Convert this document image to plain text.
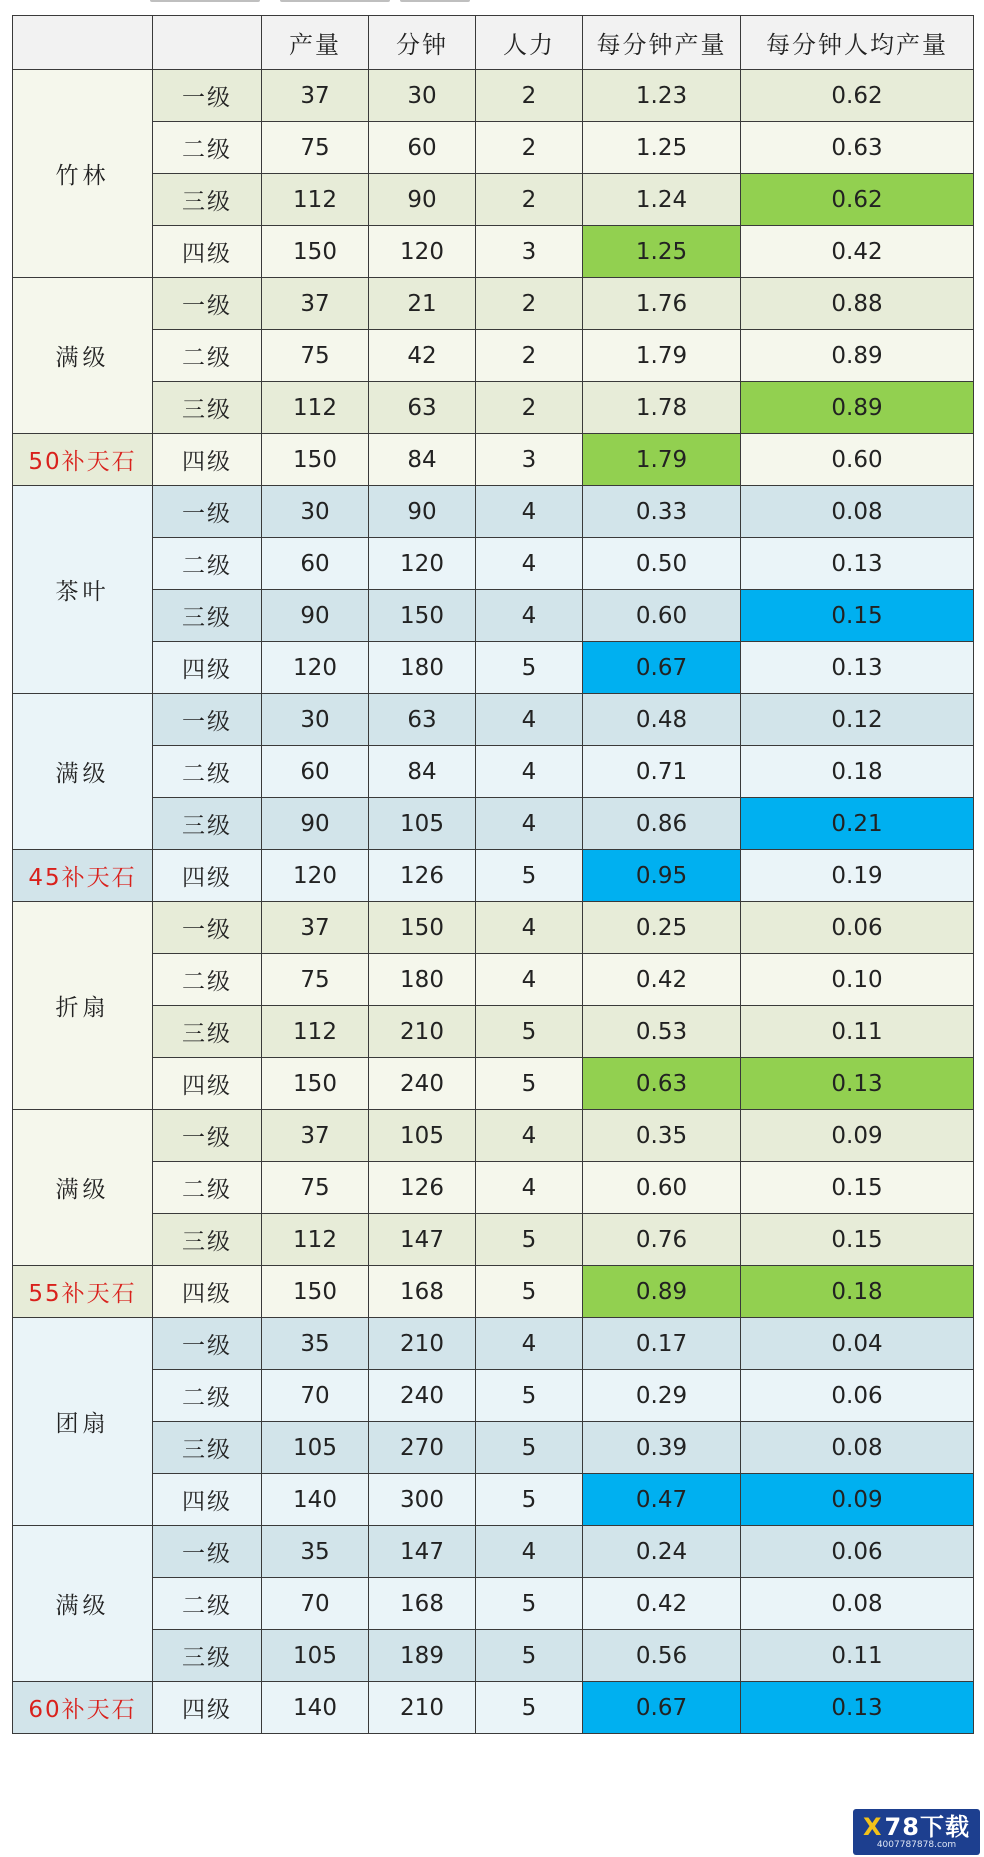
		产量	分钟	人力	每分钟产量	每分钟人均产量
竹林	一级	37	30	2	1.23	0.62
	二级	75	60	2	1.25	0.63
	三级	112	90	2	1.24	0.62
	四级	150	120	3	1.25	0.42
满级	一级	37	21	2	1.76	0.88
	二级	75	42	2	1.79	0.89
	三级	112	63	2	1.78	0.89
50补天石	四级	150	84	3	1.79	0.60
茶叶	一级	30	90	4	0.33	0.08
	二级	60	120	4	0.50	0.13
	三级	90	150	4	0.60	0.15
	四级	120	180	5	0.67	0.13
满级	一级	30	63	4	0.48	0.12
	二级	60	84	4	0.71	0.18
	三级	90	105	4	0.86	0.21
45补天石	四级	120	126	5	0.95	0.19
折扇	一级	37	150	4	0.25	0.06
	二级	75	180	4	0.42	0.10
	三级	112	210	5	0.53	0.11
	四级	150	240	5	0.63	0.13
满级	一级	37	105	4	0.35	0.09
	二级	75	126	4	0.60	0.15
	三级	112	147	5	0.76	0.15
55补天石	四级	150	168	5	0.89	0.18
团扇	一级	35	210	4	0.17	0.04
	二级	70	240	5	0.29	0.06
	三级	105	270	5	0.39	0.08
	四级	140	300	5	0.47	0.09
满级	一级	35	147	4	0.24	0.06
	二级	70	168	5	0.42	0.08
	三级	105	189	5	0.56	0.11
60补天石	四级	140	210	5	0.67	0.13
X78下载
4007787878.com
